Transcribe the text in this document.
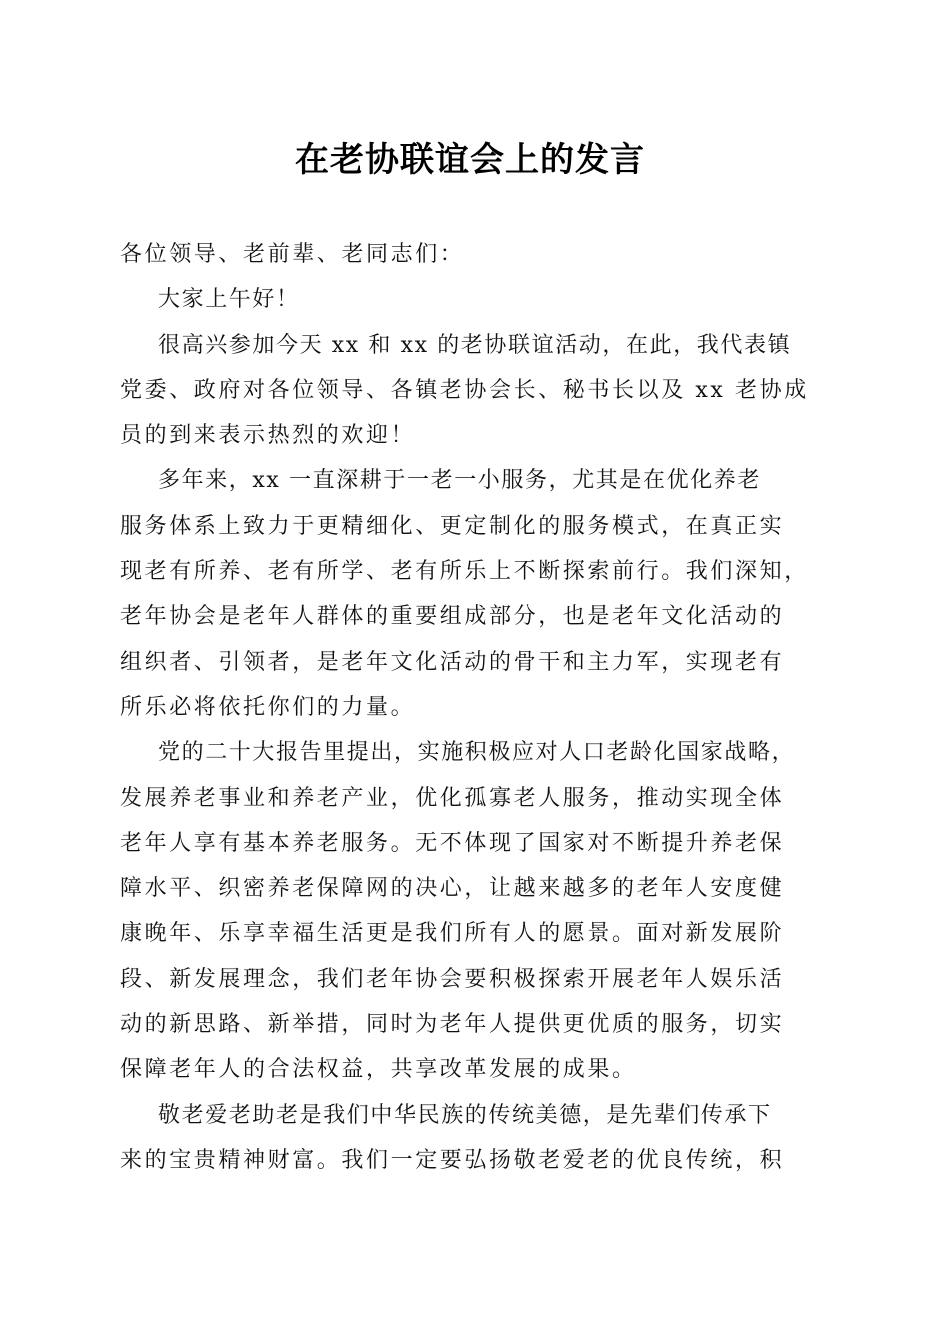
在老协联谊会上的发言
各位领导、老前辈、老同志们：
大家上午好！
很高兴参加今天 xx 和 xx 的老协联谊活动，在此，我代表镇
党委、政府对各位领导、各镇老协会长、秘书长以及 xx 老协成
员的到来表示热烈的欢迎！
多年来，xx 一直深耕于一老一小服务，尤其是在优化养老
服务体系上致力于更精细化、更定制化的服务模式，在真正实
现老有所养、老有所学、老有所乐上不断探索前行。我们深知，
老年协会是老年人群体的重要组成部分，也是老年文化活动的
组织者、引领者，是老年文化活动的骨干和主力军，实现老有
所乐必将依托你们的力量。
党的二十大报告里提出，实施积极应对人口老龄化国家战略，
发展养老事业和养老产业，优化孤寡老人服务，推动实现全体
老年人享有基本养老服务。无不体现了国家对不断提升养老保
障水平、织密养老保障网的决心，让越来越多的老年人安度健
康晚年、乐享幸福生活更是我们所有人的愿景。面对新发展阶
段、新发展理念，我们老年协会要积极探索开展老年人娱乐活
动的新思路、新举措，同时为老年人提供更优质的服务，切实
保障老年人的合法权益，共享改革发展的成果。
敬老爱老助老是我们中华民族的传统美德，是先辈们传承下
来的宝贵精神财富。我们一定要弘扬敬老爱老的优良传统，积
